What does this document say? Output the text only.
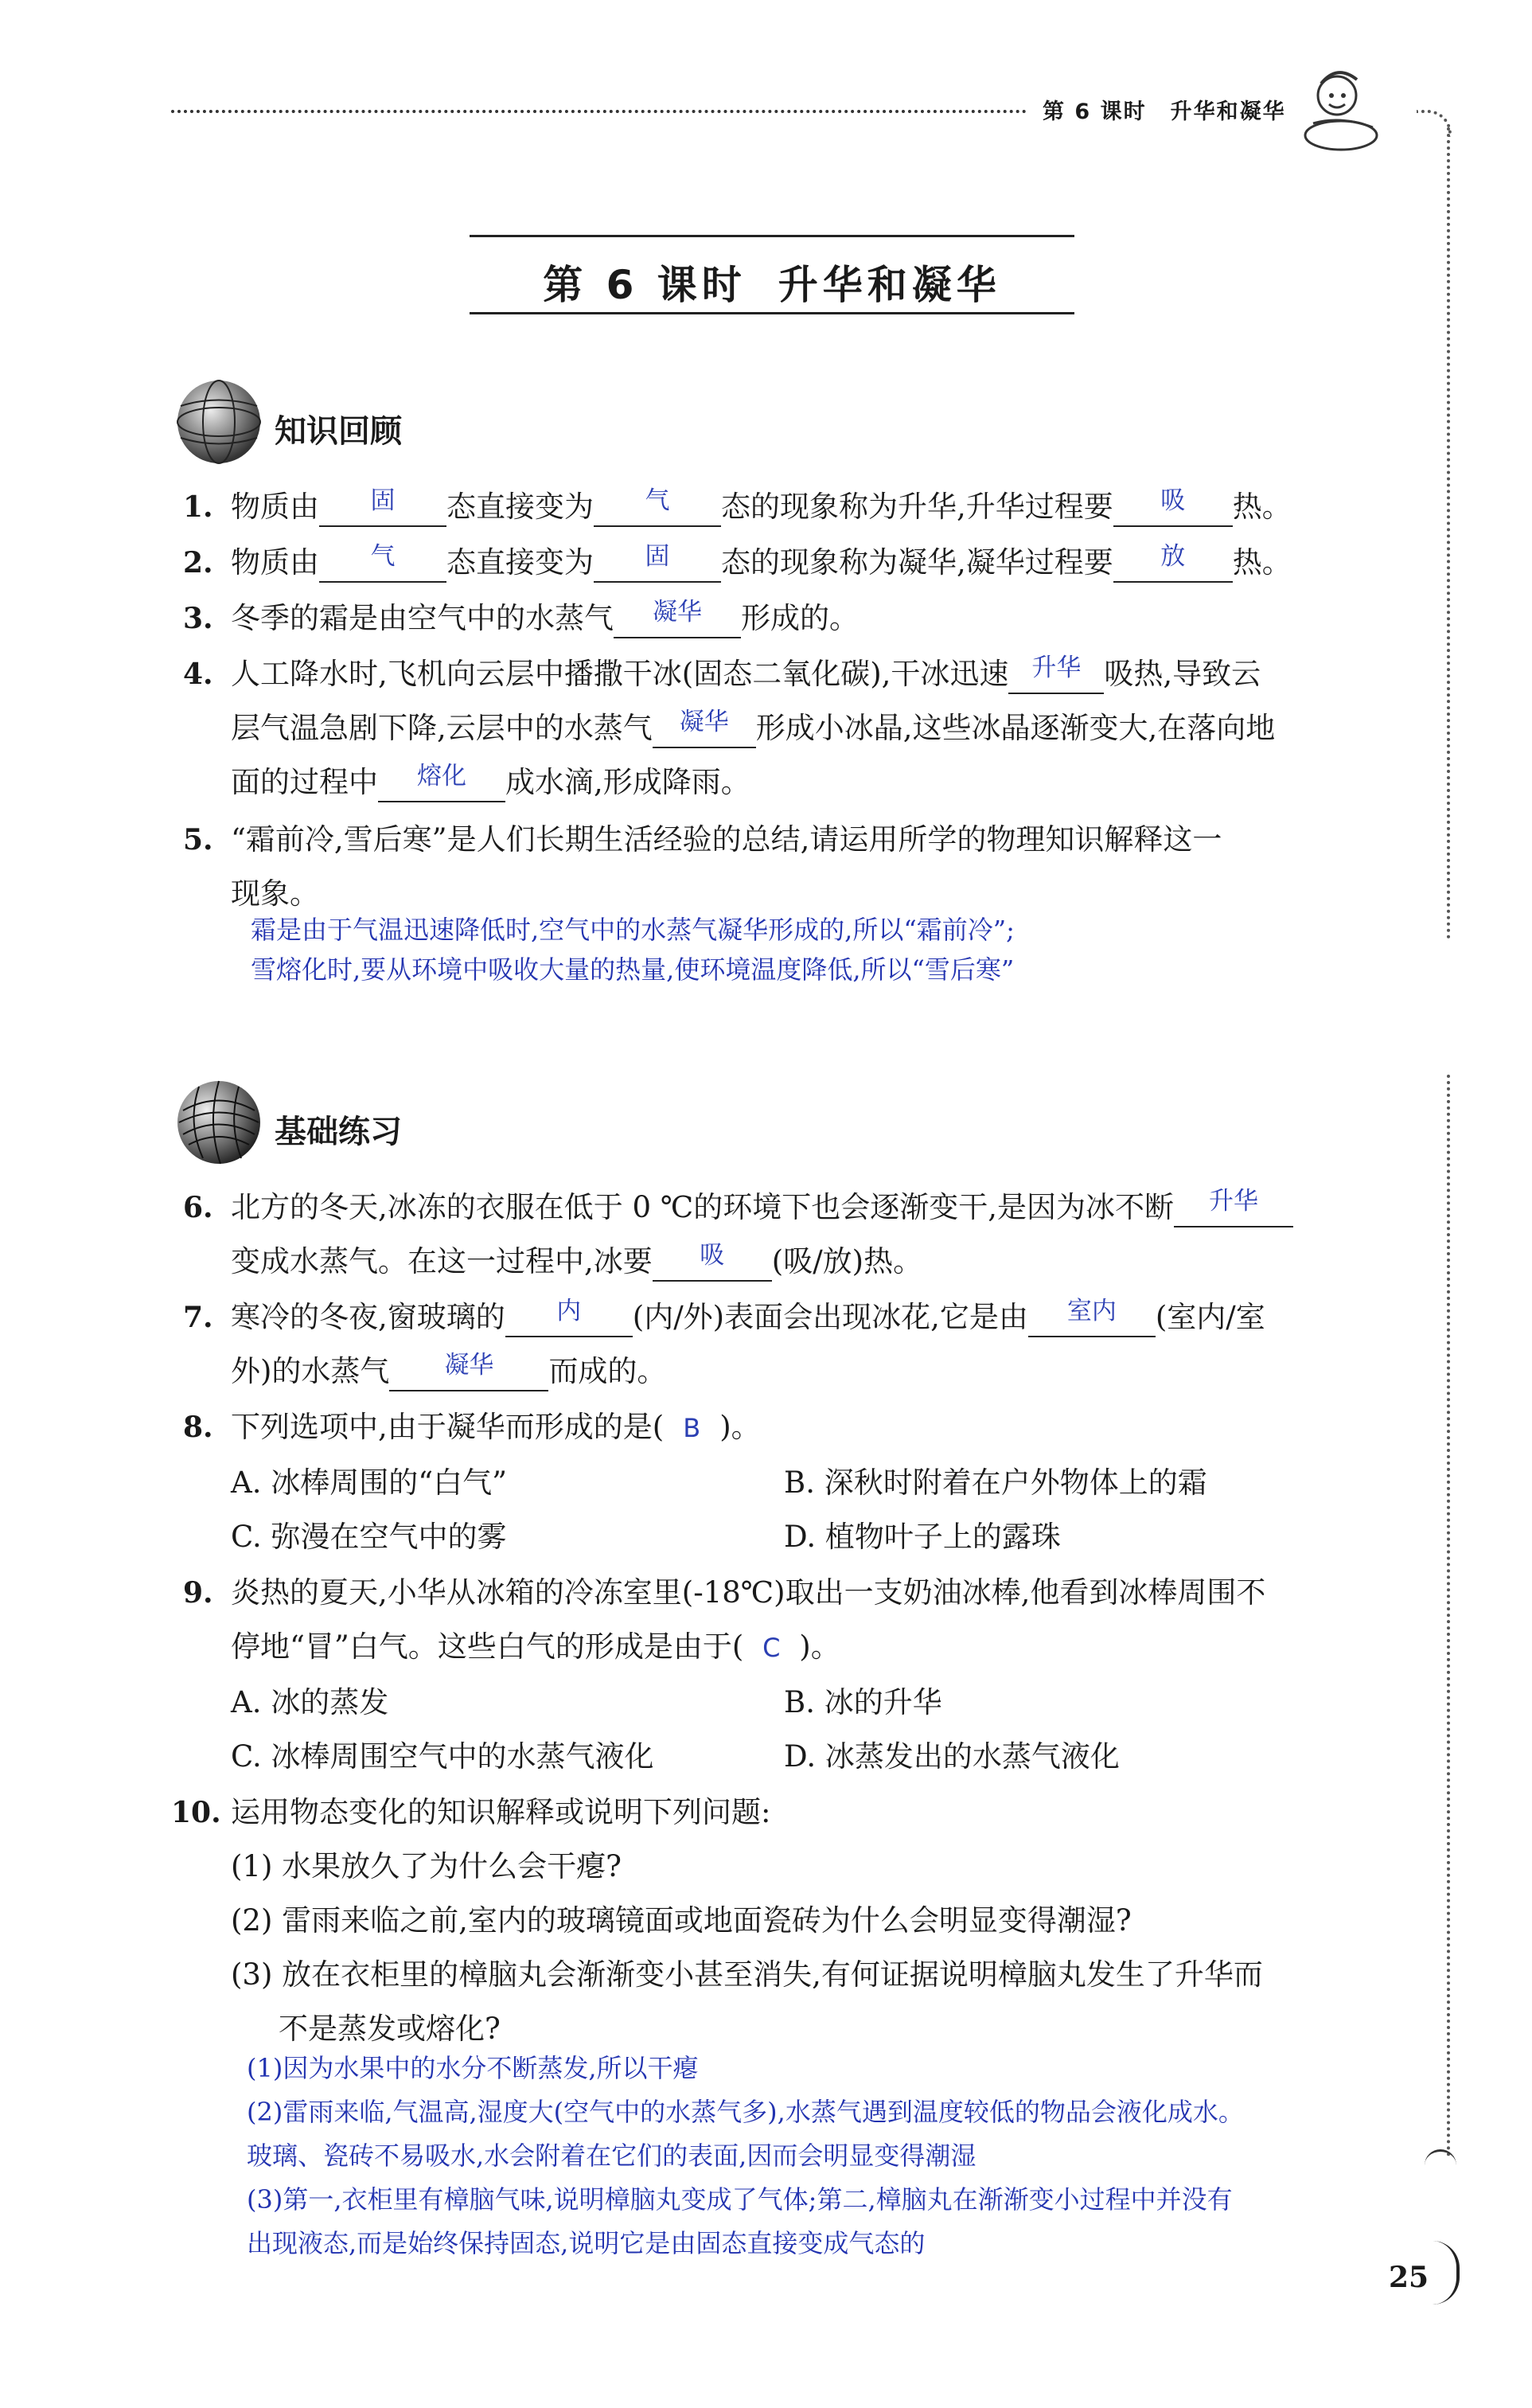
第 6 课时 升华和凝华
第 6 课时 升华和凝华
知识回顾
1. 物质由	固	态直接变为	气	态的现象称为升华,升华过程要	吸	热。
2. 物质由	气	态直接变为	固	态的现象称为凝华,凝华过程要	放	热。
3. 冬季的霜是由空气中的水蒸气	凝华	形成的。
4. 人工降水时,飞机向云层中播撒干冰(固态二氧化碳),干冰迅速 升华 吸热,导致云
层气温急剧下降,云层中的水蒸气	凝华 形成小冰晶,这些冰晶逐渐变大,在落向地
面的过程中	熔化	成水滴,形成降雨。
5. “霜前冷,雪后寒”是人们长期生活经验的总结,请运用所学的物理知识解释这一
现象。
霜是由于气温迅速降低时,空气中的水蒸气凝华形成的,所以“霜前冷”;
雪熔化时,要从环境中吸收大量的热量,使环境温度降低,所以“雪后寒”
基础练习
6. 北方的冬天,冰冻的衣服在低于 0 ℃的环境下也会逐渐变干,是因为冰不断	升华
变成水蒸气。在这一过程中,冰要	吸	(吸/放)热。
7. 寒冷的冬夜,窗玻璃的	内	(内/外)表面会出现冰花,它是由	室内	(室内/室
外)的水蒸气	凝华	而成的。
8. 下列选项中,由于凝华而形成的是( B )。
A. 冰棒周围的“白气”	B. 深秋时附着在户外物体上的霜
C. 弥漫在空气中的雾	D. 植物叶子上的露珠
9. 炎热的夏天,小华从冰箱的冷冻室里(-18℃)取出一支奶油冰棒,他看到冰棒周围不
停地“冒”白气。这些白气的形成是由于( C )。
A. 冰的蒸发	B. 冰的升华
C. 冰棒周围空气中的水蒸气液化	D. 冰蒸发出的水蒸气液化
10. 运用物态变化的知识解释或说明下列问题:
(1) 水果放久了为什么会干瘪?
(2) 雷雨来临之前,室内的玻璃镜面或地面瓷砖为什么会明显变得潮湿?
(3) 放在衣柜里的樟脑丸会渐渐变小甚至消失,有何证据说明樟脑丸发生了升华而
不是蒸发或熔化?
(1)因为水果中的水分不断蒸发,所以干瘪
(2)雷雨来临,气温高,湿度大(空气中的水蒸气多),水蒸气遇到温度较低的物品会液化成水。
玻璃、瓷砖不易吸水,水会附着在它们的表面,因而会明显变得潮湿
(3)第一,衣柜里有樟脑气味,说明樟脑丸变成了气体;第二,樟脑丸在渐渐变小过程中并没有
出现液态,而是始终保持固态,说明它是由固态直接变成气态的
25
